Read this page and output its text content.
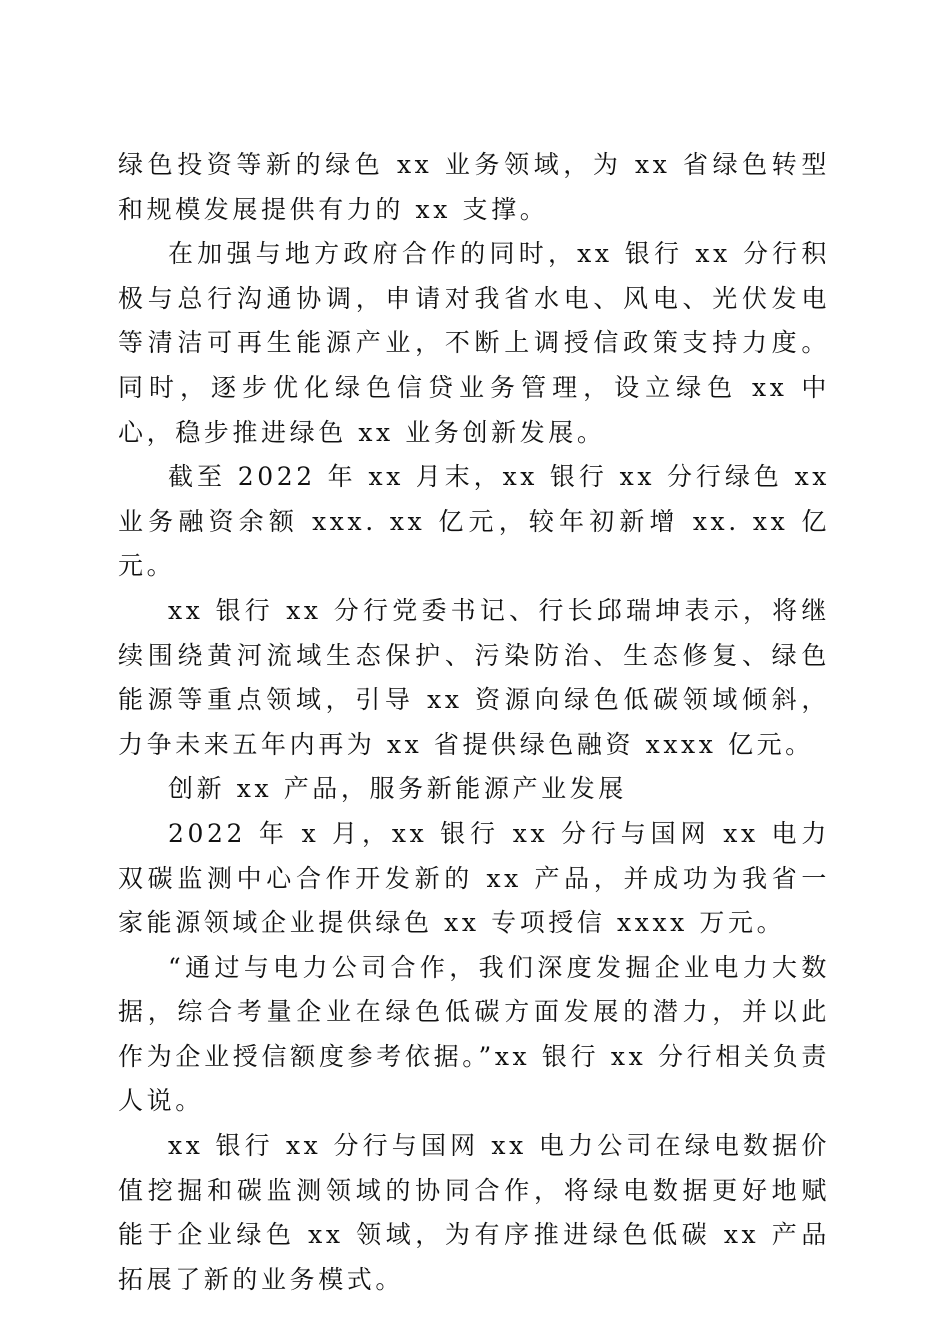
绿色投资等新的绿色 xx 业务领域，为 xx 省绿色转型和规模发展提供有力的 xx 支撑。

在加强与地方政府合作的同时，xx 银行 xx 分行积极与总行沟通协调，申请对我省水电、风电、光伏发电等清洁可再生能源产业，不断上调授信政策支持力度。同时，逐步优化绿色信贷业务管理，设立绿色 xx 中心，稳步推进绿色 xx 业务创新发展。

截至 2022 年 xx 月末，xx 银行 xx 分行绿色 xx 业务融资余额 xxx. xx 亿元，较年初新增 xx. xx 亿元。

xx 银行 xx 分行党委书记、行长邱瑞坤表示，将继续围绕黄河流域生态保护、污染防治、生态修复、绿色能源等重点领域，引导 xx 资源向绿色低碳领域倾斜，力争未来五年内再为 xx 省提供绿色融资 xxxx 亿元。

创新 xx 产品，服务新能源产业发展

2022 年 x 月，xx 银行 xx 分行与国网 xx 电力双碳监测中心合作开发新的 xx 产品，并成功为我省一家能源领域企业提供绿色 xx 专项授信 xxxx 万元。

“通过与电力公司合作，我们深度发掘企业电力大数据，综合考量企业在绿色低碳方面发展的潜力，并以此作为企业授信额度参考依据。”xx 银行 xx 分行相关负责人说。

xx 银行 xx 分行与国网 xx 电力公司在绿电数据价值挖掘和碳监测领域的协同合作，将绿电数据更好地赋能于企业绿色 xx 领域，为有序推进绿色低碳 xx 产品拓展了新的业务模式。
